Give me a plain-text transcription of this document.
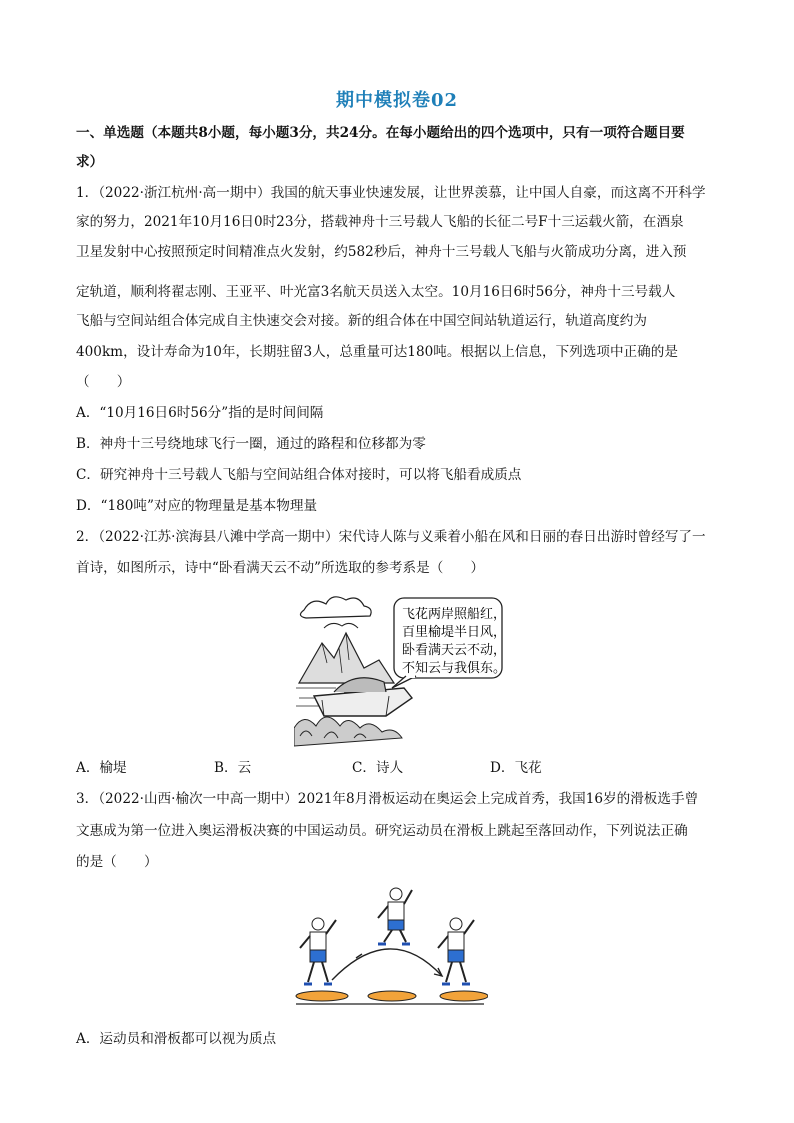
期中模拟卷02
一、单选题（本题共8小题，每小题3分，共24分。在每小题给出的四个选项中，只有一项符合题目要
求）
1．（2022·浙江杭州·高一期中）我国的航天事业快速发展，让世界羡慕，让中国人自豪，而这离不开科学
家的努力，2021年10月16日0时23分，搭载神舟十三号载人飞船的长征二号F十三运载火箭，在酒泉
卫星发射中心按照预定时间精准点火发射，约582秒后，神舟十三号载人飞船与火箭成功分离，进入预
定轨道，顺利将翟志刚、王亚平、叶光富3名航天员送入太空。10月16日6时56分，神舟十三号载人
飞船与空间站组合体完成自主快速交会对接。新的组合体在中国空间站轨道运行，轨道高度约为
400km，设计寿命为10年，长期驻留3人，总重量可达180吨。根据以上信息，下列选项中正确的是
（　　）
A．“10月16日6时56分”指的是时间间隔
B．神舟十三号绕地球飞行一圈，通过的路程和位移都为零
C．研究神舟十三号载人飞船与空间站组合体对接时，可以将飞船看成质点
D．“180吨”对应的物理量是基本物理量
2．（2022·江苏·滨海县八滩中学高一期中）宋代诗人陈与义乘着小船在风和日丽的春日出游时曾经写了一
首诗，如图所示，诗中“卧看满天云不动”所选取的参考系是（　　）
飞花两岸照船红，
百里榆堤半日风，
卧看满天云不动，
不知云与我俱东。
A．榆堤	B．云	C．诗人	D．飞花
3．（2022·山西·榆次一中高一期中）2021年8月滑板运动在奥运会上完成首秀，我国16岁的滑板选手曾
文惠成为第一位进入奥运滑板决赛的中国运动员。研究运动员在滑板上跳起至落回动作，下列说法正确
的是（　　）
A．运动员和滑板都可以视为质点
